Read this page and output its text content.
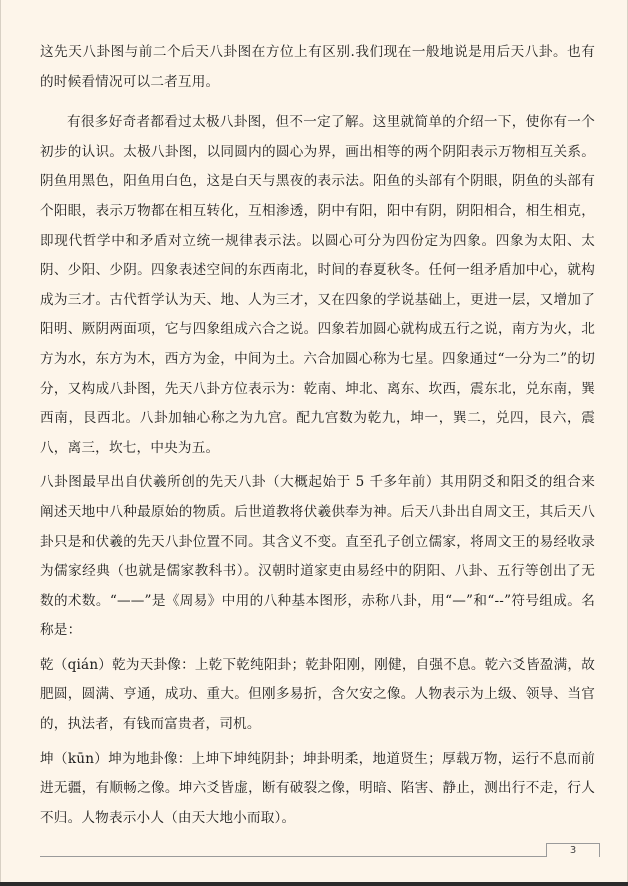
这先天八卦图与前二个后天八卦图在方位上有区别.我们现在一般地说是用后天八卦。也有的时候看情况可以二者互用。

有很多好奇者都看过太极八卦图，但不一定了解。这里就简单的介绍一下，使你有一个初步的认识。太极八卦图，以同圆内的圆心为界，画出相等的两个阴阳表示万物相互关系。阴鱼用黑色，阳鱼用白色，这是白天与黑夜的表示法。阳鱼的头部有个阴眼，阴鱼的头部有个阳眼，表示万物都在相互转化，互相渗透，阴中有阳，阳中有阴，阴阳相合，相生相克，即现代哲学中和矛盾对立统一规律表示法。以圆心可分为四份定为四象。四象为太阳、太阴、少阳、少阴。四象表述空间的东西南北，时间的春夏秋冬。任何一组矛盾加中心，就构成为三才。古代哲学认为天、地、人为三才，又在四象的学说基础上，更进一层，又增加了阳明、厥阴两面项，它与四象组成六合之说。四象若加圆心就构成五行之说，南方为火，北方为水，东方为木，西方为金，中间为土。六合加圆心称为七星。四象通过“一分为二”的切分，又构成八卦图，先天八卦方位表示为：乾南、坤北、离东、坎西，震东北，兑东南，巽西南，艮西北。八卦加轴心称之为九宫。配九宫数为乾九，坤一，巽二，兑四，艮六，震八，离三，坎七，中央为五。

八卦图最早出自伏羲所创的先天八卦（大概起始于 5 千多年前）其用阴爻和阳爻的组合来阐述天地中八种最原始的物质。后世道教将伏羲供奉为神。后天八卦出自周文王，其后天八卦只是和伏羲的先天八卦位置不同。其含义不变。直至孔子创立儒家，将周文王的易经收录为儒家经典（也就是儒家教科书）。汉朝时道家吏由易经中的阴阳、八卦、五行等创出了无数的术数。“——”是《周易》中用的八种基本图形，赤称八卦，用“—”和“--”符号组成。名称是：

乾（qián）乾为天卦像：上乾下乾纯阳卦；乾卦阳刚，刚健，自强不息。乾六爻皆盈满，故肥圆，圆满、亨通，成功、重大。但刚多易折，含欠安之像。人物表示为上级、领导、当官的，执法者，有钱而富贵者，司机。

坤（kūn）坤为地卦像：上坤下坤纯阴卦；坤卦明柔，地道贤生；厚载万物，运行不息而前进无疆，有顺畅之像。坤六爻皆虚，断有破裂之像，明暗、陷害、静止，测出行不走，行人不归。人物表示小人（由天大地小而取）。

3
